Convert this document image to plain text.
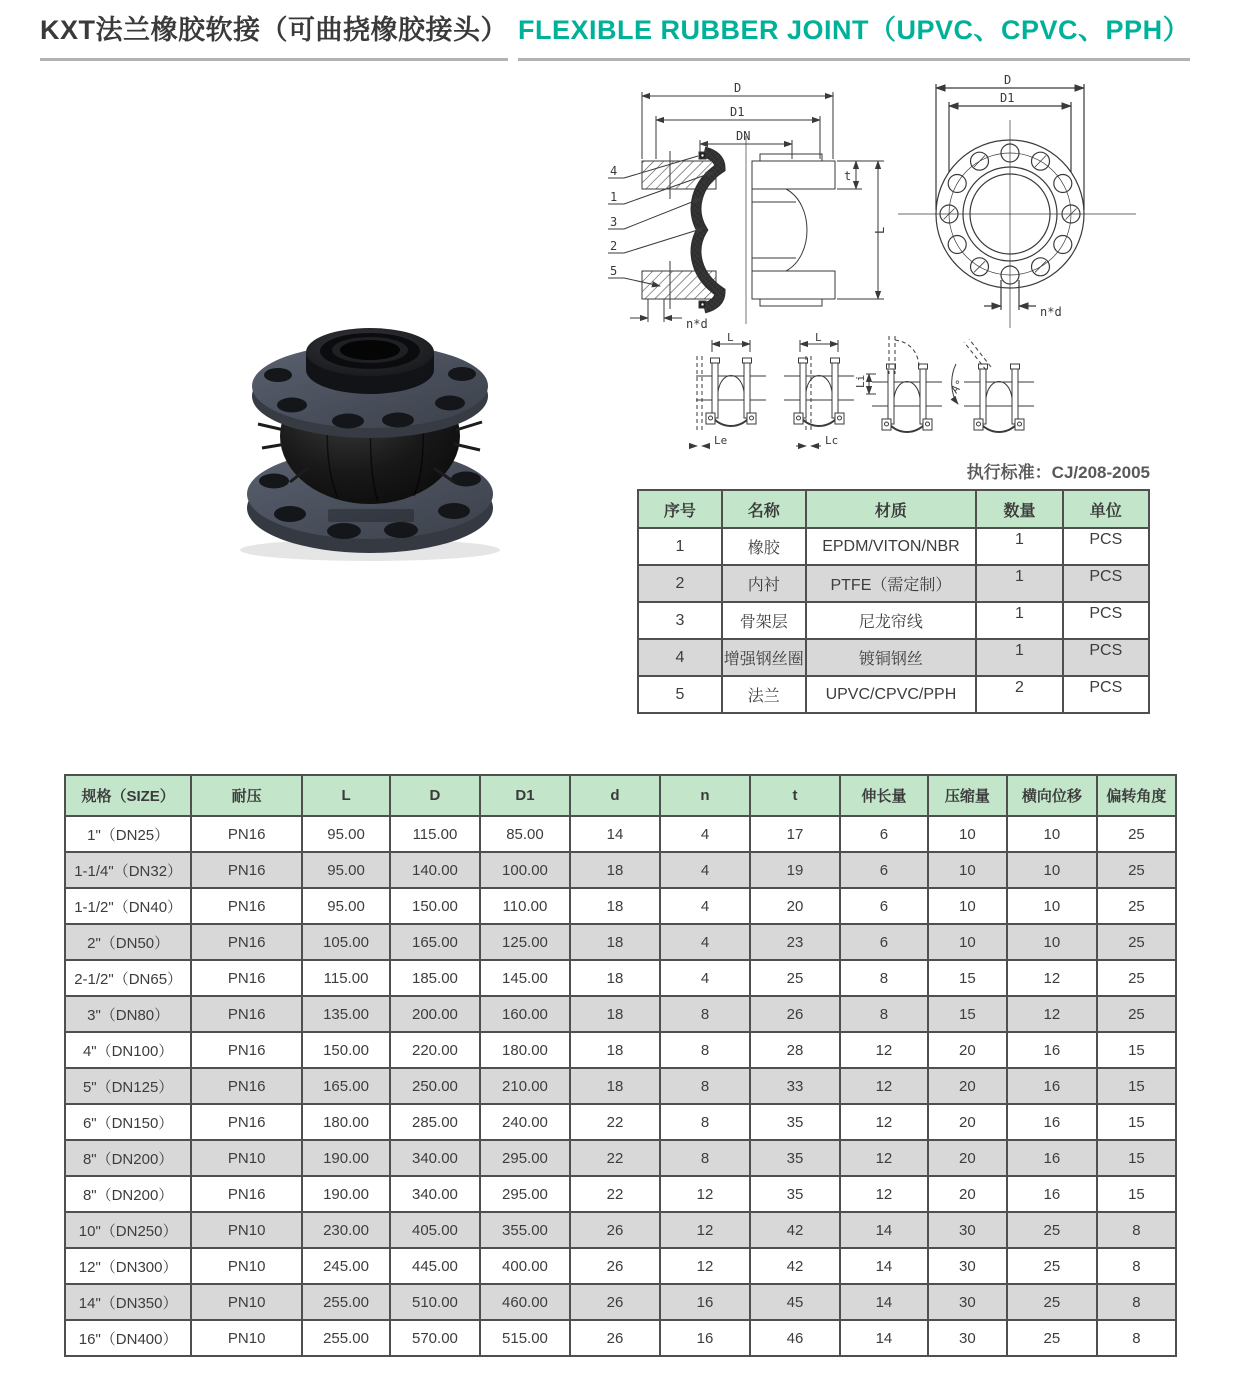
KXT法兰橡胶软接（可曲挠橡胶接头） FLEXIBLE RUBBER JOINT（UPVC、CPVC、PPH）
D
D1
DN
t
L
n*d
4
1
3
2
5
D
D1
n*d
L	L
Le	Lc
Li	A°
执行标准：CJ/208-2005
序号	名称	材质	数量	单位
1	橡胶	EPDM/VITON/NBR	1	PCS
2	内衬	PTFE（需定制）	1	PCS
3	骨架层	尼龙帘线	1	PCS
4	增强钢丝圈	镀铜钢丝	1	PCS
5	法兰	UPVC/CPVC/PPH	2	PCS
规格（SIZE）	耐压	L	D	D1	d	n	t	伸长量	压缩量	横向位移	偏转角度
1"（DN25）	PN16	95.00	115.00	85.00	14	4	17	6	10	10	25
1-1/4"（DN32）	PN16	95.00	140.00	100.00	18	4	19	6	10	10	25
1-1/2"（DN40）	PN16	95.00	150.00	110.00	18	4	20	6	10	10	25
2"（DN50）	PN16	105.00	165.00	125.00	18	4	23	6	10	10	25
2-1/2"（DN65）	PN16	115.00	185.00	145.00	18	4	25	8	15	12	25
3"（DN80）	PN16	135.00	200.00	160.00	18	8	26	8	15	12	25
4"（DN100）	PN16	150.00	220.00	180.00	18	8	28	12	20	16	15
5"（DN125）	PN16	165.00	250.00	210.00	18	8	33	12	20	16	15
6"（DN150）	PN16	180.00	285.00	240.00	22	8	35	12	20	16	15
8"（DN200）	PN10	190.00	340.00	295.00	22	8	35	12	20	16	15
8"（DN200）	PN16	190.00	340.00	295.00	22	12	35	12	20	16	15
10"（DN250）	PN10	230.00	405.00	355.00	26	12	42	14	30	25	8
12"（DN300）	PN10	245.00	445.00	400.00	26	12	42	14	30	25	8
14"（DN350）	PN10	255.00	510.00	460.00	26	16	45	14	30	25	8
16"（DN400）	PN10	255.00	570.00	515.00	26	16	46	14	30	25	8
